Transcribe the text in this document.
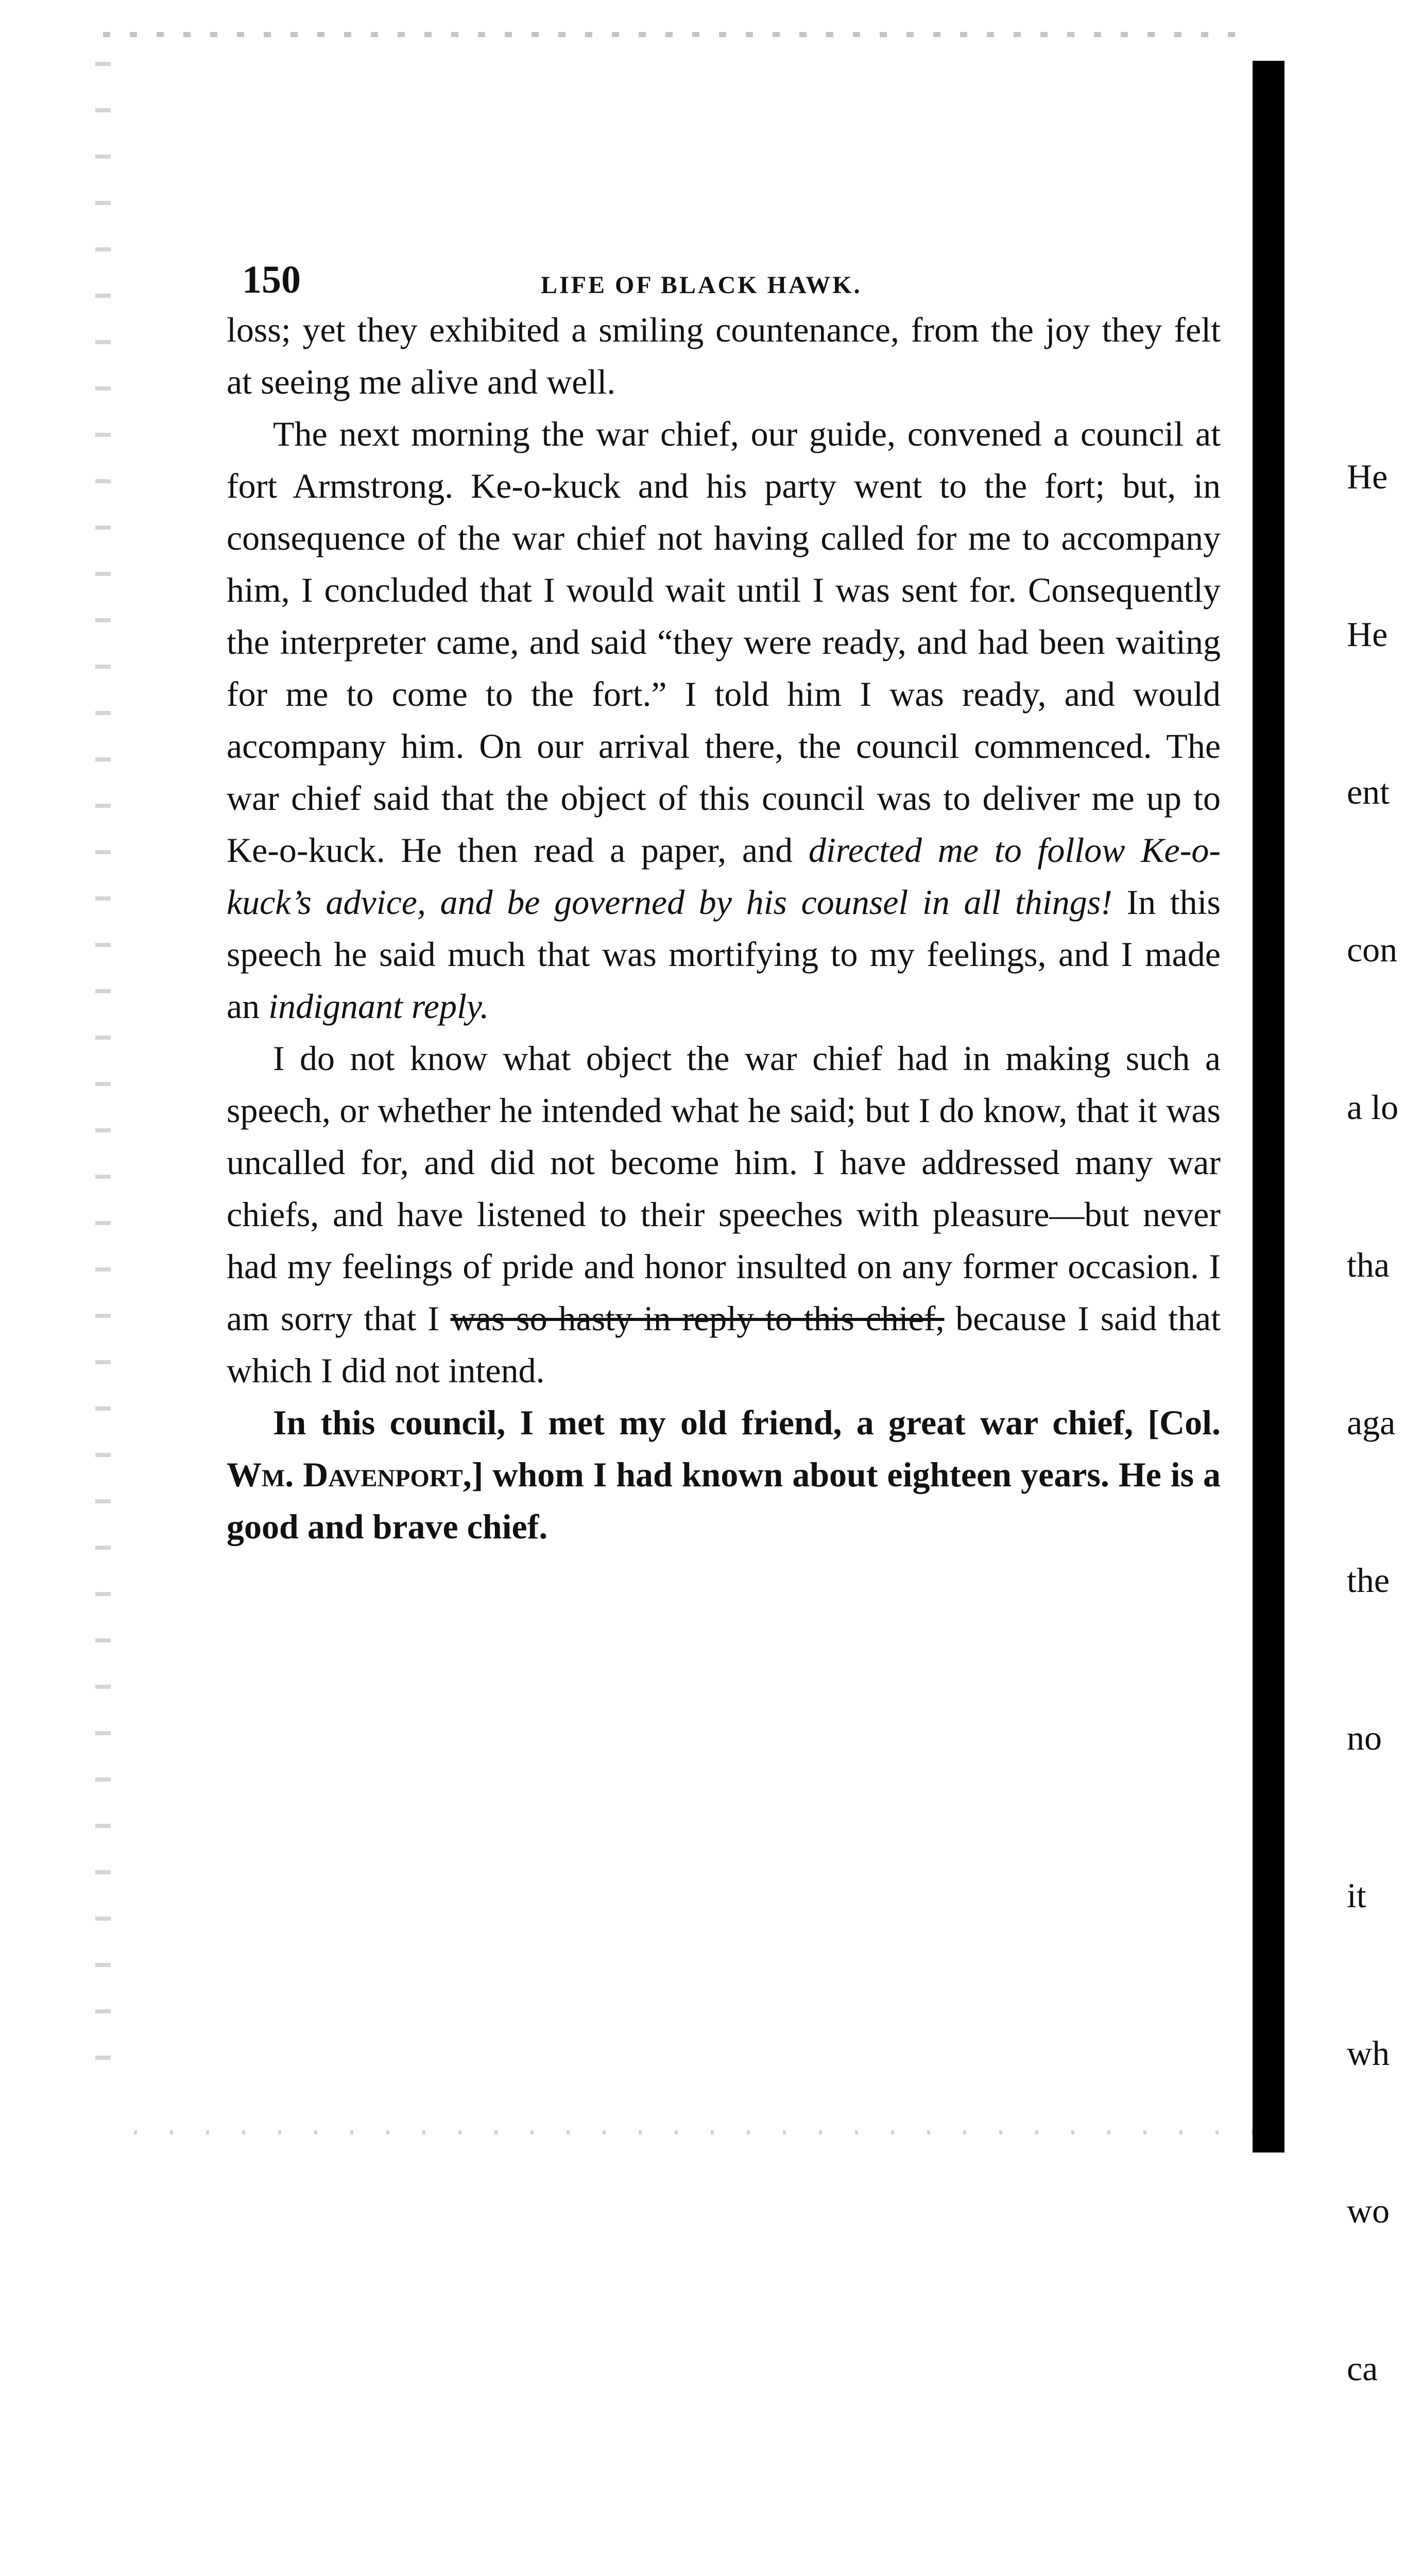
150	LIFE OF BLACK HAWK.

loss; yet they exhibited a smiling countenance, from the joy they felt at seeing me alive and well.

The next morning the war chief, our guide, convened a council at fort Armstrong. Ke-o-kuck and his party went to the fort; but, in consequence of the war chief not having called for me to accompany him, I concluded that I would wait until I was sent for. Consequently the interpreter came, and said “they were ready, and had been waiting for me to come to the fort.” I told him I was ready, and would accompany him. On our arrival there, the council commenced. The war chief said that the object of this council was to deliver me up to Ke-o-kuck. He then read a paper, and directed me to follow Ke-o-kuck’s advice, and be governed by his counsel in all things! In this speech he said much that was mortifying to my feelings, and I made an indignant reply.

I do not know what object the war chief had in making such a speech, or whether he intended what he said; but I do know, that it was uncalled for, and did not become him. I have addressed many war chiefs, and have listened to their speeches with pleasure—but never had my feelings of pride and honor insulted on any former occasion. I am sorry that I was so hasty in reply to this chief, because I said that which I did not intend.

In this council, I met my old friend, a great war chief, [Col. Wm. Davenport,] whom I had known about eighteen years. He is a good and brave chief.

He

He

ent

con

a lo

tha

aga

the

no

it

wh

wo

ca
